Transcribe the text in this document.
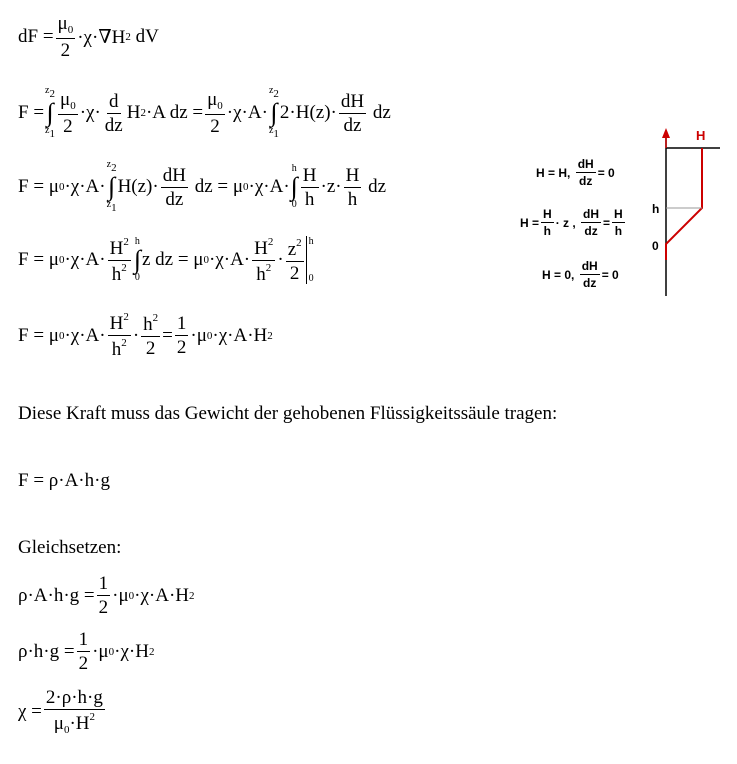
dF = $\frac{\mu_0}{2} \cdot\chi\cdot\nabla H$ 2 dV
F =
$z_2$
∫
$z_1 \frac{\mu_0}{2} \cdot\chi\cdot \frac{d}{dz}$ H 2 ·A dz = $\frac{\mu_0}{2} \cdot\chi\cdot A\cdot$
$z_2$
∫
$z_1$
$2\cdot H(z)\cdot \frac{dH}{dz}$ dz
F = μ 0 ·χ·A·
$z_2$
∫
$z_1$
$H(z)\cdot \frac{dH}{dz}$ dz = μ 0 ·χ·A·
h
∫
$0 \frac{H}{h} \cdot z\cdot \frac{H}{h}$ dz
F = μ $0 \cdot\chi\cdot A\cdot \frac{H^2}{h^2}$ h
∫
0
z dz = μ $0 \cdot\chi\cdot A\cdot \frac{H^2}{h^2} \cdot \frac{z^2}{2}$ h
0
F = μ $0 \cdot\chi\cdot A\cdot \frac{H^2}{h^2} \cdot \frac{h^2}{2} = \frac{1}{2} \cdot\mu$ 0 ·χ·A·H 2
Diese Kraft muss das Gewicht der gehobenen Flüssigkeitssäule tragen:
F = ρ·A·h·g
Gleichsetzen:
$\rho\cdot A\cdot h\cdot g = \frac{1}{2} \cdot\mu$ 0 ·χ·A·H 2
$\rho\cdot h\cdot g = \frac{1}{2} \cdot\mu$ 0 ·χ·H 2
$\chi = \frac{2\cdot\rho\cdot h\cdot g}{\mu_0\cdot H^2}$
H = H, $\frac{dH}{dz} = 0$
$H = \frac{H}{h} \cdot z$ , $\frac{dH}{dz} = \frac{H}{h}$
H = 0, $\frac{dH}{dz} = 0$
H
h
0
